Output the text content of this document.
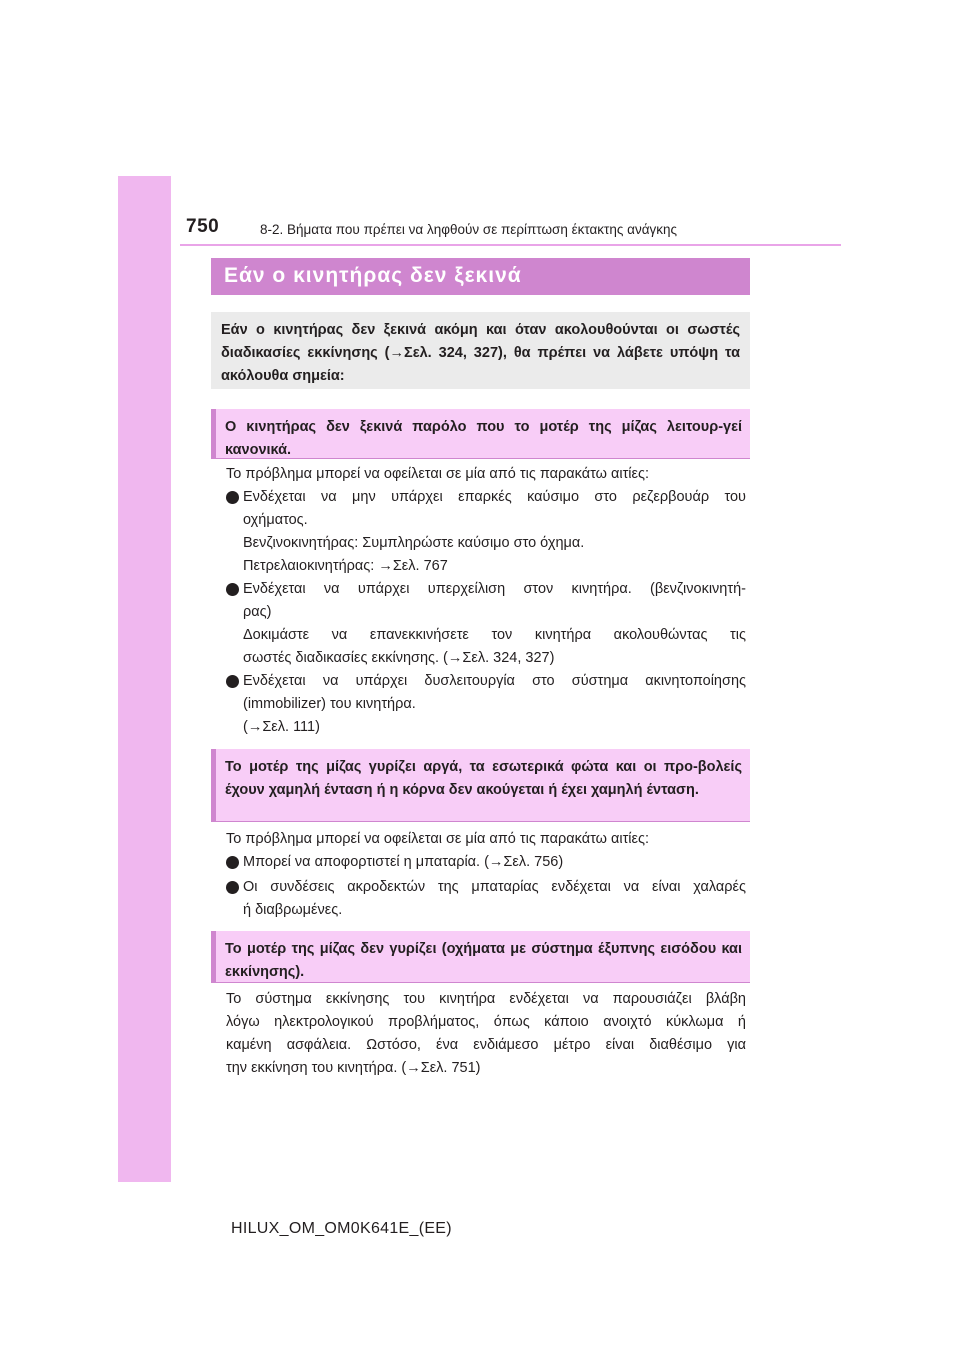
750	8-2. Βήματα που πρέπει να ληφθούν σε περίπτωση έκτακτης ανάγκης
Εάν ο κινητήρας δεν ξεκινά
Εάν ο κινητήρας δεν ξεκινά ακόμη και όταν ακολουθούνται οι σωστές διαδικασίες εκκίνησης (→Σελ. 324, 327), θα πρέπει να λάβετε υπόψη τα ακόλουθα σημεία:
Ο κινητήρας δεν ξεκινά παρόλο που το μοτέρ της μίζας λειτουρ-γεί κανονικά.
Το πρόβλημα μπορεί να οφείλεται σε μία από τις παρακάτω αιτίες:
Ενδέχεται να μην υπάρχει επαρκές καύσιμο στο ρεζερβουάρ του
οχήματος.
Βενζινοκινητήρας: Συμπληρώστε καύσιμο στο όχημα.
Πετρελαιοκινητήρας: →Σελ. 767
Ενδέχεται να υπάρχει υπερχείλιση στον κινητήρα. (βενζινοκινητή-
ρας)
Δοκιμάστε να επανεκκινήσετε τον κινητήρα ακολουθώντας τις
σωστές διαδικασίες εκκίνησης. (→Σελ. 324, 327)
Ενδέχεται να υπάρχει δυσλειτουργία στο σύστημα ακινητοποίησης
(immobilizer) του κινητήρα.
(→Σελ. 111)
Το μοτέρ της μίζας γυρίζει αργά, τα εσωτερικά φώτα και οι προ-βολείς έχουν χαμηλή ένταση ή η κόρνα δεν ακούγεται ή έχει χαμηλή ένταση.
Το πρόβλημα μπορεί να οφείλεται σε μία από τις παρακάτω αιτίες:
Μπορεί να αποφορτιστεί η μπαταρία. (→Σελ. 756)
Οι συνδέσεις ακροδεκτών της μπαταρίας ενδέχεται να είναι χαλαρές
ή διαβρωμένες.
Το μοτέρ της μίζας δεν γυρίζει (οχήματα με σύστημα έξυπνης εισόδου και εκκίνησης).
Το σύστημα εκκίνησης του κινητήρα ενδέχεται να παρουσιάζει βλάβη
λόγω ηλεκτρολογικού προβλήματος, όπως κάποιο ανοιχτό κύκλωμα ή
καμένη ασφάλεια. Ωστόσο, ένα ενδιάμεσο μέτρο είναι διαθέσιμο για
την εκκίνηση του κινητήρα. (→Σελ. 751)
HILUX_OM_OM0K641E_(EE)
